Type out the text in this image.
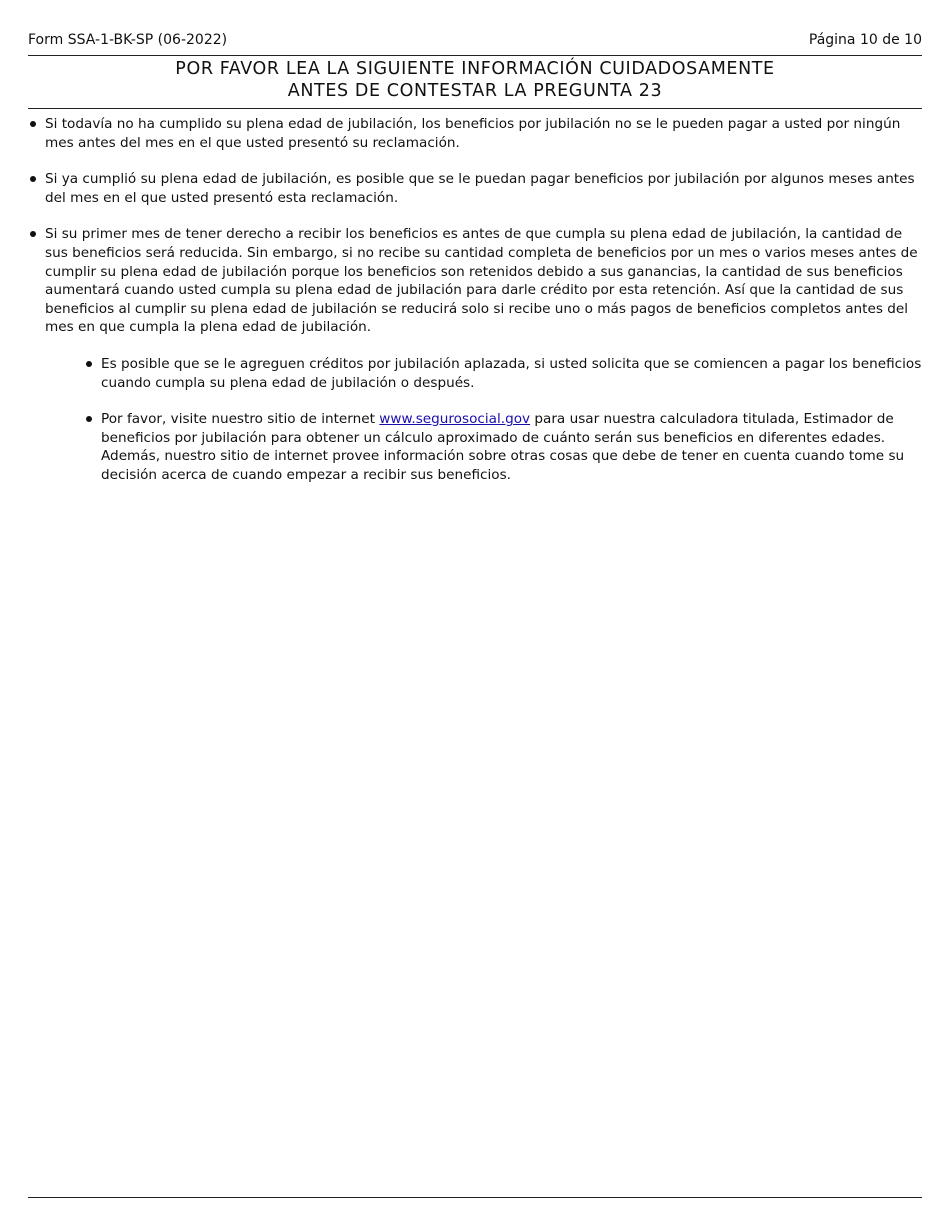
Form SSA-1-BK-SP (06-2022)	Página 10 de 10
POR FAVOR LEA LA SIGUIENTE INFORMACIÓN CUIDADOSAMENTE
ANTES DE CONTESTAR LA PREGUNTA 23
Si todavía no ha cumplido su plena edad de jubilación, los beneficios por jubilación no se le pueden pagar a usted por ningún mes antes del mes en el que usted presentó su reclamación.
Si ya cumplió su plena edad de jubilación, es posible que se le puedan pagar beneficios por jubilación por algunos meses antes del mes en el que usted presentó esta reclamación.
Si su primer mes de tener derecho a recibir los beneficios es antes de que cumpla su plena edad de jubilación, la cantidad de sus beneficios será reducida. Sin embargo, si no recibe su cantidad completa de beneficios por un mes o varios meses antes de cumplir su plena edad de jubilación porque los beneficios son retenidos debido a sus ganancias, la cantidad de sus beneficios aumentará cuando usted cumpla su plena edad de jubilación para darle crédito por esta retención. Así que la cantidad de sus beneficios al cumplir su plena edad de jubilación se reducirá solo si recibe uno o más pagos de beneficios completos antes del mes en que cumpla la plena edad de jubilación.
Es posible que se le agreguen créditos por jubilación aplazada, si usted solicita que se comiencen a pagar los beneficios cuando cumpla su plena edad de jubilación o después.
Por favor, visite nuestro sitio de internet www.segurosocial.gov para usar nuestra calculadora titulada, Estimador de beneficios por jubilación para obtener un cálculo aproximado de cuánto serán sus beneficios en diferentes edades. Además, nuestro sitio de internet provee información sobre otras cosas que debe de tener en cuenta cuando tome su decisión acerca de cuando empezar a recibir sus beneficios.
